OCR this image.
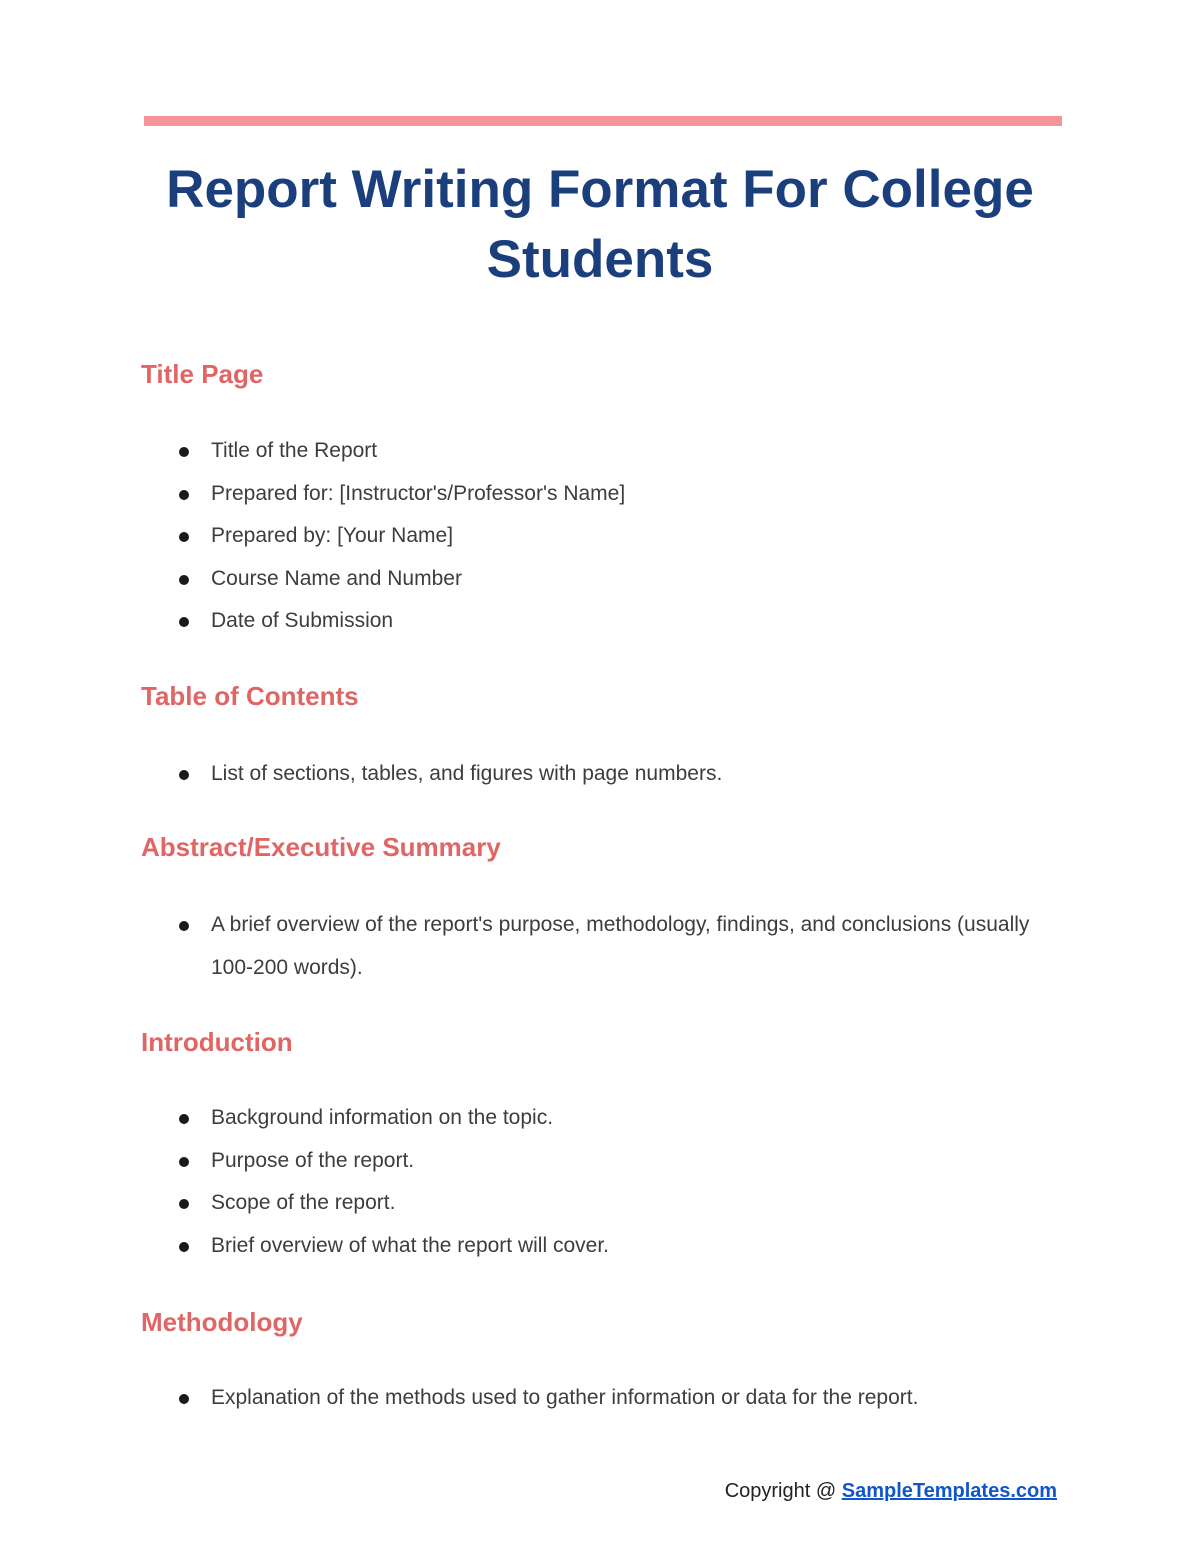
Report Writing Format For College Students
Title Page
Title of the Report
Prepared for: [Instructor's/Professor's Name]
Prepared by: [Your Name]
Course Name and Number
Date of Submission
Table of Contents
List of sections, tables, and figures with page numbers.
Abstract/Executive Summary
A brief overview of the report's purpose, methodology, findings, and conclusions (usually 100-200 words).
Introduction
Background information on the topic.
Purpose of the report.
Scope of the report.
Brief overview of what the report will cover.
Methodology
Explanation of the methods used to gather information or data for the report.
Copyright @ SampleTemplates.com
